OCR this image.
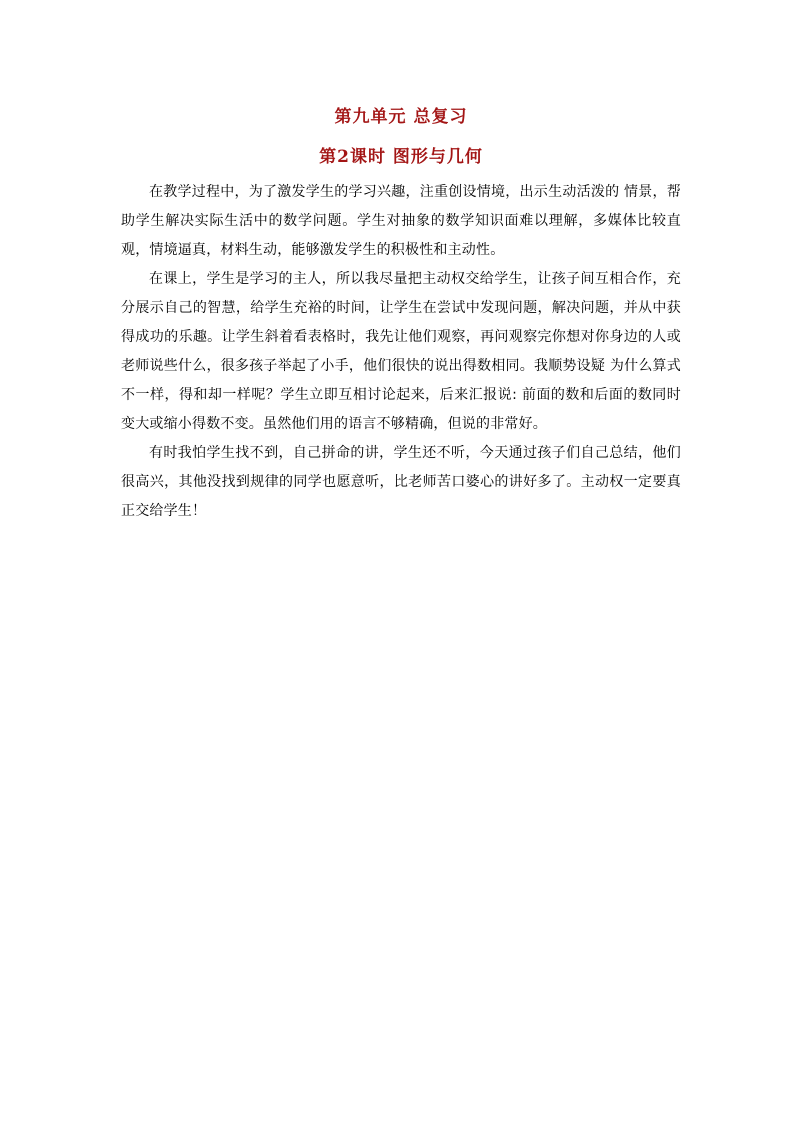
第九单元 总复习
第2课时 图形与几何

在教学过程中，为了激发学生的学习兴趣，注重创设情境，出示生动活泼的 情景，帮助学生解决实际生活中的数学问题。学生对抽象的数学知识面难以理解，多媒体比较直观，情境逼真，材料生动，能够激发学生的积极性和主动性。

在课上，学生是学习的主人，所以我尽量把主动权交给学生，让孩子间互相合作，充分展示自己的智慧，给学生充裕的时间，让学生在尝试中发现问题，解决问题，并从中获得成功的乐趣。让学生斜着看表格时，我先让他们观察，再问观察完你想对你身边的人或老师说些什么，很多孩子举起了小手，他们很快的说出得数相同。我顺势设疑 为什么算式不一样，得和却一样呢？学生立即互相讨论起来，后来汇报说: 前面的数和后面的数同时变大或缩小得数不变。虽然他们用的语言不够精确，但说的非常好。

有时我怕学生找不到，自己拼命的讲，学生还不听，今天通过孩子们自己总结，他们很高兴，其他没找到规律的同学也愿意听，比老师苦口婆心的讲好多了。主动权一定要真正交给学生！
